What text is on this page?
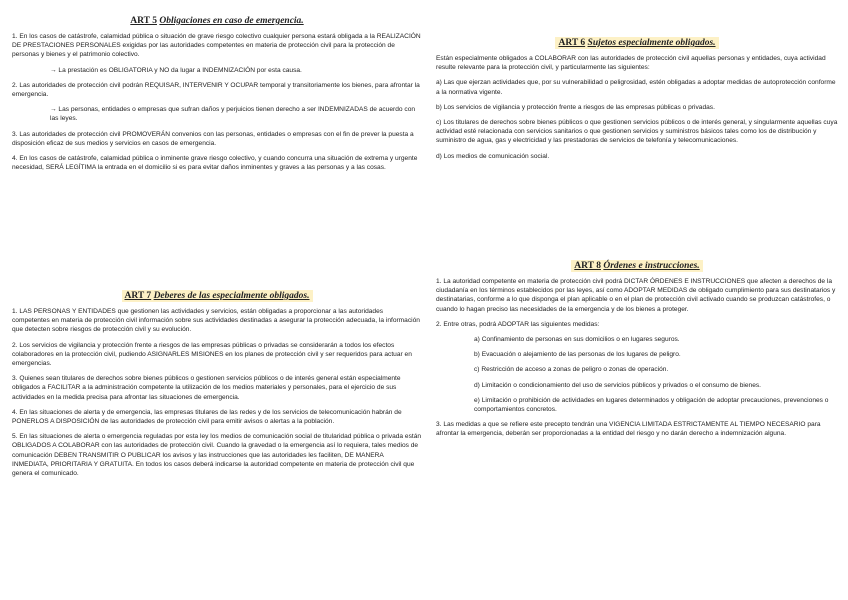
ART 5 Obligaciones en caso de emergencia.

1. En los casos de catástrofe, calamidad pública o situación de grave riesgo colectivo cualquier persona estará obligada a la REALIZACIÓN DE PRESTACIONES PERSONALES exigidas por las autoridades competentes en materia de protección civil para la protección de personas y bienes y el patrimonio colectivo.

→ La prestación es OBLIGATORIA y NO da lugar a INDEMNIZACIÓN por esta causa.

2. Las autoridades de protección civil podrán REQUISAR, INTERVENIR Y OCUPAR temporal y transitoriamente los bienes, para afrontar la emergencia.

→ Las personas, entidades o empresas que sufran daños y perjuicios tienen derecho a ser INDEMNIZADAS de acuerdo con las leyes.

3. Las autoridades de protección civil PROMOVERÁN convenios con las personas, entidades o empresas con el fin de prever la puesta a disposición eficaz de sus medios y servicios en casos de emergencia.

4. En los casos de catástrofe, calamidad pública o inminente grave riesgo colectivo, y cuando concurra una situación de extrema y urgente necesidad, SERÁ LEGÍTIMA la entrada en el domicilio si es para evitar daños inminentes y graves a las personas y a las cosas.

ART 7 Deberes de las especialmente obligados.

1. LAS PERSONAS Y ENTIDADES que gestionen las actividades y servicios, están obligadas a proporcionar a las autoridades competentes en materia de protección civil información sobre sus actividades destinadas a asegurar la protección adecuada, la información que detecten sobre riesgos de protección civil y su evolución.

2. Los servicios de vigilancia y protección frente a riesgos de las empresas públicas o privadas se considerarán a todos los efectos colaboradores en la protección civil, pudiendo ASIGNARLES MISIONES en los planes de protección civil y ser requeridos para actuar en emergencias.

3. Quienes sean titulares de derechos sobre bienes públicos o gestionen servicios públicos o de interés general están especialmente obligados a FACILITAR a la administración competente la utilización de los medios materiales y personales, para el ejercicio de sus actividades en la medida precisa para afrontar las situaciones de emergencia.

4. En las situaciones de alerta y de emergencia, las empresas titulares de las redes y de los servicios de telecomunicación habrán de PONERLOS A DISPOSICIÓN de las autoridades de protección civil para emitir avisos o alertas a la población.

5. En las situaciones de alerta o emergencia reguladas por esta ley los medios de comunicación social de titularidad pública o privada están OBLIGADOS A COLABORAR con las autoridades de protección civil. Cuando la gravedad o la emergencia así lo requiera, tales medios de comunicación DEBEN TRANSMITIR O PUBLICAR los avisos y las instrucciones que las autoridades les faciliten, DE MANERA INMEDIATA, PRIORITARIA Y GRATUITA. En todos los casos deberá indicarse la autoridad competente en materia de protección civil que genera el comunicado.

ART 6 Sujetos especialmente obligados.

Están especialmente obligados a COLABORAR con las autoridades de protección civil aquellas personas y entidades, cuya actividad resulte relevante para la protección civil, y particularmente las siguientes:

a) Las que ejerzan actividades que, por su vulnerabilidad o peligrosidad, estén obligadas a adoptar medidas de autoprotección conforme a la normativa vigente.

b) Los servicios de vigilancia y protección frente a riesgos de las empresas públicas o privadas.

c) Los titulares de derechos sobre bienes públicos o que gestionen servicios públicos o de interés general, y singularmente aquellas cuya actividad esté relacionada con servicios sanitarios o que gestionen servicios y suministros básicos tales como los de distribución y suministro de agua, gas y electricidad y las prestadoras de servicios de telefonía y telecomunicaciones.

d) Los medios de comunicación social.

ART 8 Órdenes e instrucciones.

1. La autoridad competente en materia de protección civil podrá DICTAR ÓRDENES E INSTRUCCIONES que afecten a derechos de la ciudadanía en los términos establecidos por las leyes, así como ADOPTAR MEDIDAS de obligado cumplimiento para sus destinatarios y destinatarias, conforme a lo que disponga el plan aplicable o en el plan de protección civil activado cuando se produzcan catástrofes, o cuando lo hagan preciso las necesidades de la emergencia y de los bienes a proteger.

2. Entre otras, podrá ADOPTAR las siguientes medidas:

a) Confinamiento de personas en sus domicilios o en lugares seguros.

b) Evacuación o alejamiento de las personas de los lugares de peligro.

c) Restricción de acceso a zonas de peligro o zonas de operación.

d) Limitación o condicionamiento del uso de servicios públicos y privados o el consumo de bienes.

e) Limitación o prohibición de actividades en lugares determinados y obligación de adoptar precauciones, prevenciones o comportamientos concretos.

3. Las medidas a que se refiere este precepto tendrán una VIGENCIA LIMITADA ESTRICTAMENTE AL TIEMPO NECESARIO para afrontar la emergencia, deberán ser proporcionadas a la entidad del riesgo y no darán derecho a indemnización alguna.
